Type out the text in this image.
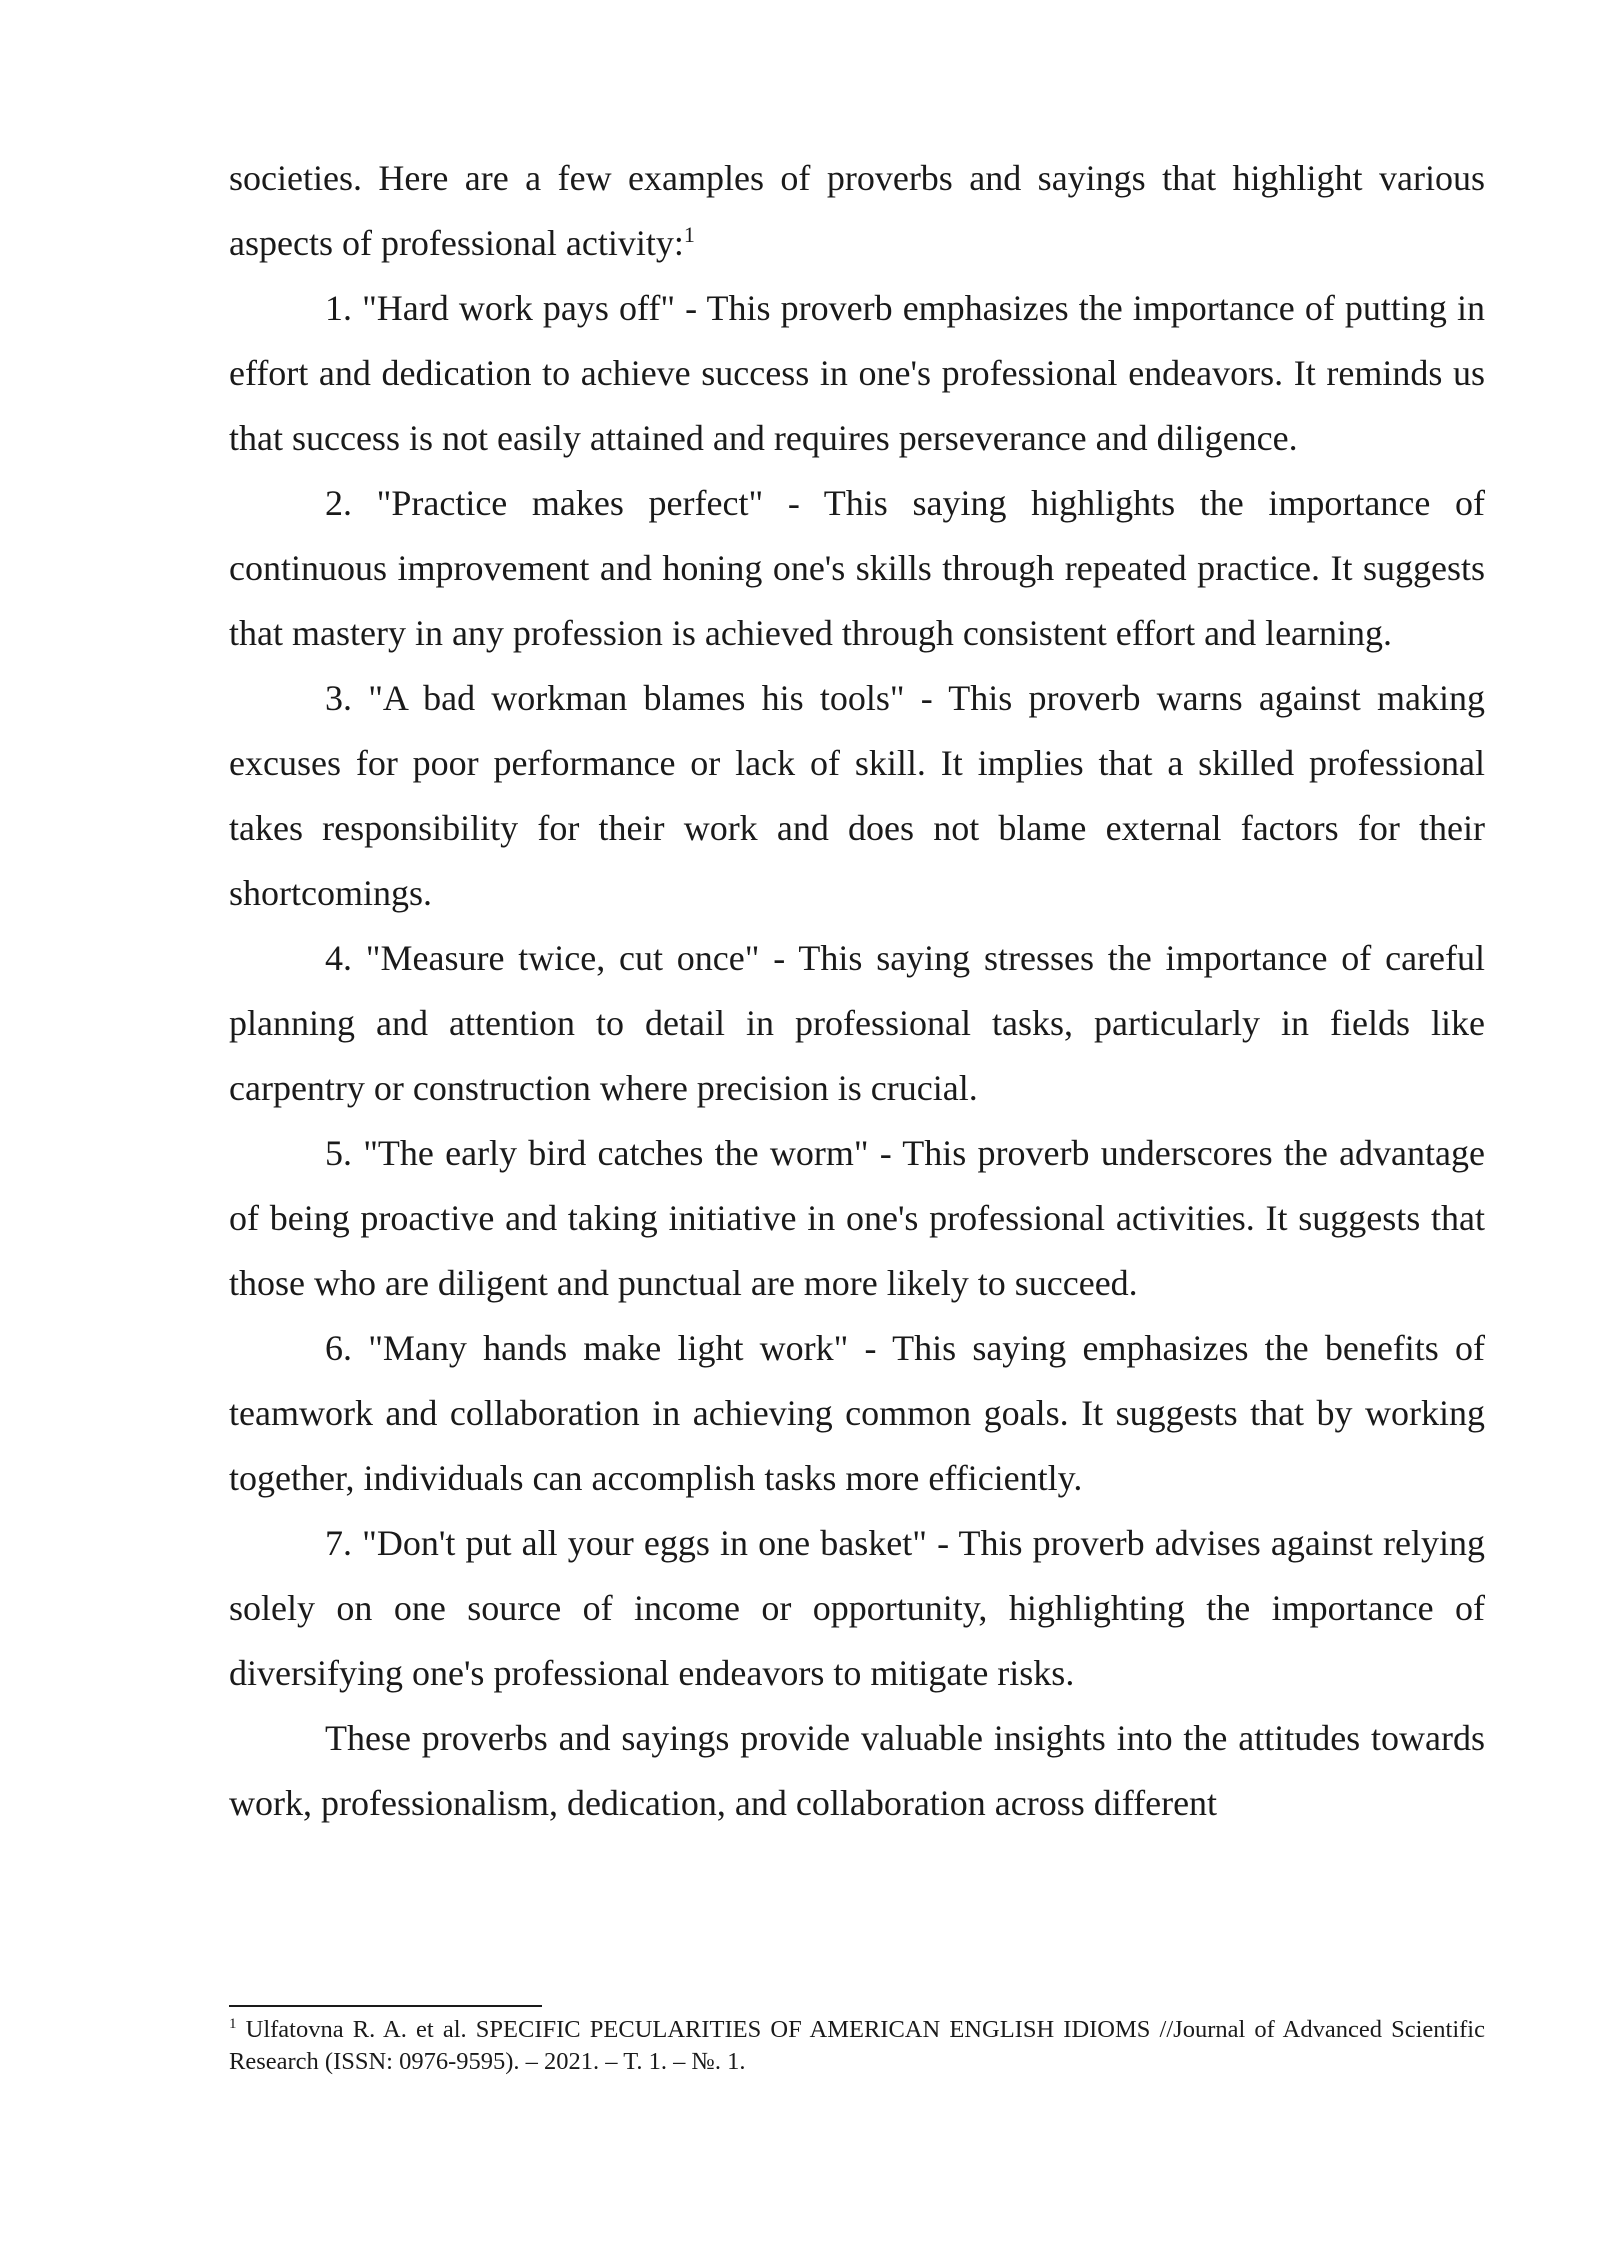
societies. Here are a few examples of proverbs and sayings that highlight various aspects of professional activity:$^1$

1. "Hard work pays off" - This proverb emphasizes the importance of putting in effort and dedication to achieve success in one's professional endeavors. It reminds us that success is not easily attained and requires perseverance and diligence.

2. "Practice makes perfect" - This saying highlights the importance of continuous improvement and honing one's skills through repeated practice. It suggests that mastery in any profession is achieved through consistent effort and learning.

3. "A bad workman blames his tools" - This proverb warns against making excuses for poor performance or lack of skill. It implies that a skilled professional takes responsibility for their work and does not blame external factors for their shortcomings.

4. "Measure twice, cut once" - This saying stresses the importance of careful planning and attention to detail in professional tasks, particularly in fields like carpentry or construction where precision is crucial.

5. "The early bird catches the worm" - This proverb underscores the advantage of being proactive and taking initiative in one's professional activities. It suggests that those who are diligent and punctual are more likely to succeed.

6. "Many hands make light work" - This saying emphasizes the benefits of teamwork and collaboration in achieving common goals. It suggests that by working together, individuals can accomplish tasks more efficiently.

7. "Don't put all your eggs in one basket" - This proverb advises against relying solely on one source of income or opportunity, highlighting the importance of diversifying one's professional endeavors to mitigate risks.

These proverbs and sayings provide valuable insights into the attitudes towards work, professionalism, dedication, and collaboration across different

$^1$ Ulfatovna R. A. et al. SPECIFIC PECULARITIES OF AMERICAN ENGLISH IDIOMS //Journal of Advanced Scientific Research (ISSN: 0976-9595). – 2021. – T. 1. – №. 1.
